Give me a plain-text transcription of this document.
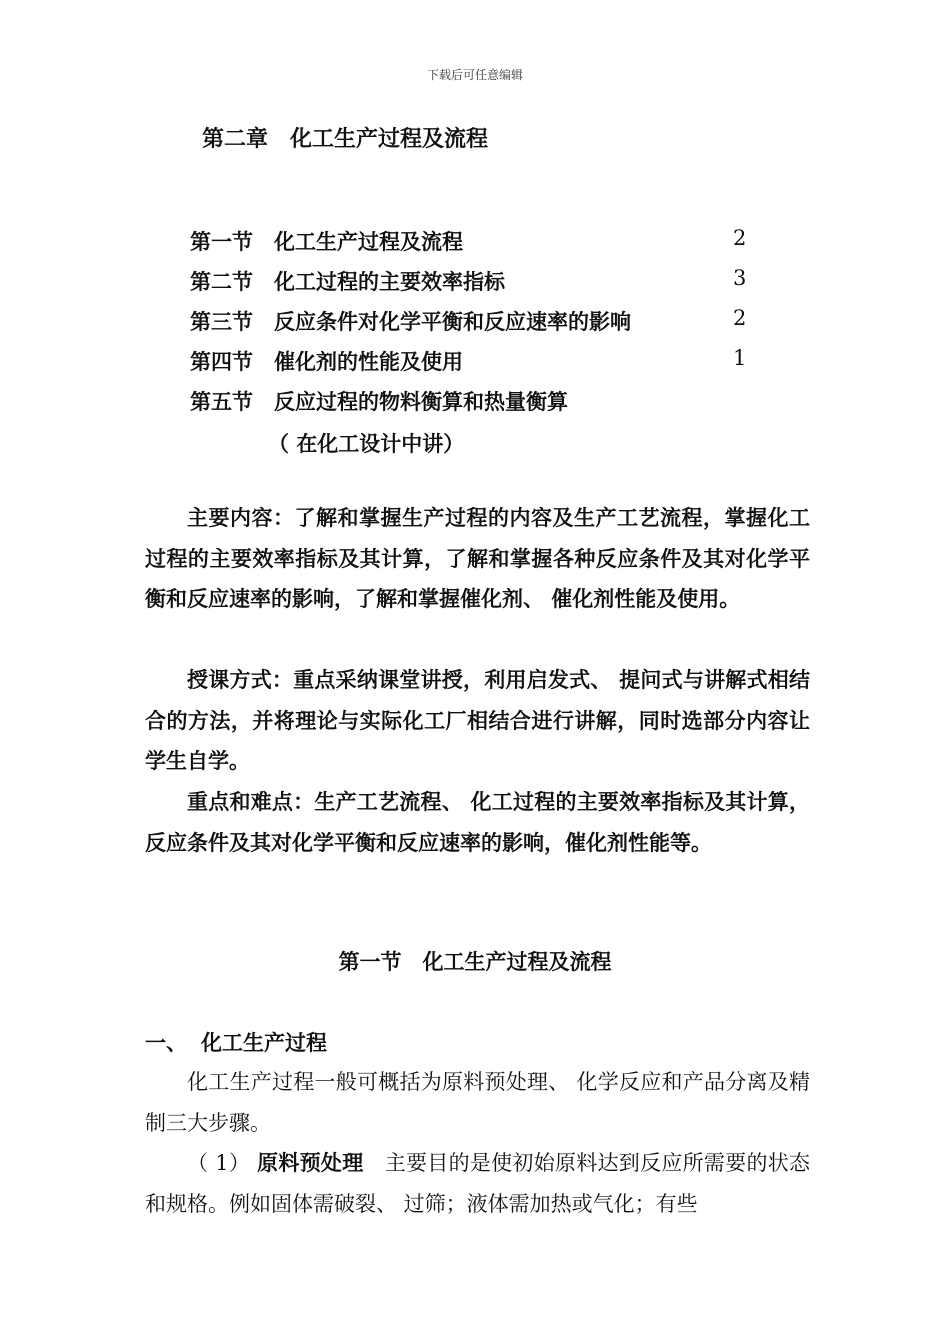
下载后可任意编辑
第二章　化工生产过程及流程
第一节　化工生产过程及流程	2
第二节　化工过程的主要效率指标	3
第三节　反应条件对化学平衡和反应速率的影响	2
第四节　催化剂的性能及使用	1
第五节　反应过程的物料衡算和热量衡算
（ 在化工设计中讲）

主要内容：了解和掌握生产过程的内容及生产工艺流程，掌握化工过程的主要效率指标及其计算，了解和掌握各种反应条件及其对化学平衡和反应速率的影响，了解和掌握催化剂、 催化剂性能及使用。

授课方式：重点采纳课堂讲授，利用启发式、 提问式与讲解式相结合的方法，并将理论与实际化工厂相结合进行讲解，同时选部分内容让学生自学。

重点和难点：生产工艺流程、 化工过程的主要效率指标及其计算，反应条件及其对化学平衡和反应速率的影响，催化剂性能等。

第一节　化工生产过程及流程
一、 化工生产过程

化工生产过程一般可概括为原料预处理、 化学反应和产品分离及精制三大步骤。

（ 1） 原料预处理　主要目的是使初始原料达到反应所需要的状态和规格。例如固体需破裂、 过筛；液体需加热或气化；有些
